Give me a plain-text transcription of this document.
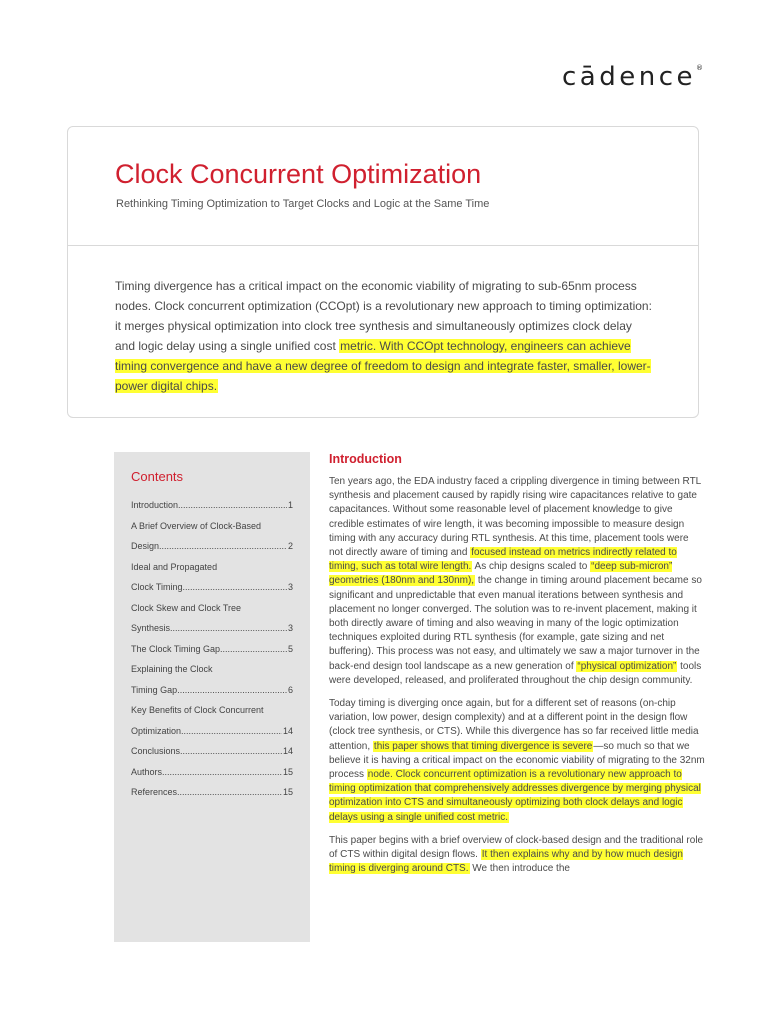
cādence®
Clock Concurrent Optimization

Rethinking Timing Optimization to Target Clocks and Logic at the Same Time

Timing divergence has a critical impact on the economic viability of migrating to sub-65nm process nodes. Clock concurrent optimization (CCOpt) is a revolutionary new approach to timing optimization: it merges physical optimization into clock tree synthesis and simultaneously optimizes clock delay and logic delay using a single unified cost metric. With CCOpt technology, engineers can achieve timing convergence and have a new degree of freedom to design and integrate faster, smaller, lower-power digital chips.

Contents
Introduction .....	1
A Brief Overview of Clock-Based
Design .....	2
Ideal and Propagated
Clock Timing .....	3
Clock Skew and Clock Tree
Synthesis .....	3
The Clock Timing Gap .....	5
Explaining the Clock
Timing Gap .....	6
Key Benefits of Clock Concurrent
Optimization .....	14
Conclusions .....	14
Authors .....	15
References .....	15
Introduction

Ten years ago, the EDA industry faced a crippling divergence in timing between RTL synthesis and placement caused by rapidly rising wire capacitances relative to gate capacitances. Without some reasonable level of placement knowledge to give credible estimates of wire length, it was becoming impossible to measure design timing with any accuracy during RTL synthesis. At this time, placement tools were not directly aware of timing and focused instead on metrics indirectly related to timing, such as total wire length. As chip designs scaled to “deep sub-micron” geometries (180nm and 130nm), the change in timing around placement became so significant and unpredictable that even manual iterations between synthesis and placement no longer converged. The solution was to re-invent placement, making it both directly aware of timing and also weaving in many of the logic optimization techniques exploited during RTL synthesis (for example, gate sizing and net buffering). This process was not easy, and ultimately we saw a major turnover in the back-end design tool landscape as a new generation of “physical optimization” tools were developed, released, and proliferated throughout the chip design community.

Today timing is diverging once again, but for a different set of reasons (on-chip variation, low power, design complexity) and at a different point in the design flow (clock tree synthesis, or CTS). While this divergence has so far received little media attention, this paper shows that timing divergence is severe—so much so that we believe it is having a critical impact on the economic viability of migrating to the 32nm process node. Clock concurrent optimization is a revolutionary new approach to timing optimization that comprehensively addresses divergence by merging physical optimization into CTS and simultaneously optimizing both clock delays and logic delays using a single unified cost metric.

This paper begins with a brief overview of clock-based design and the traditional role of CTS within digital design flows. It then explains why and by how much design timing is diverging around CTS. We then introduce the
